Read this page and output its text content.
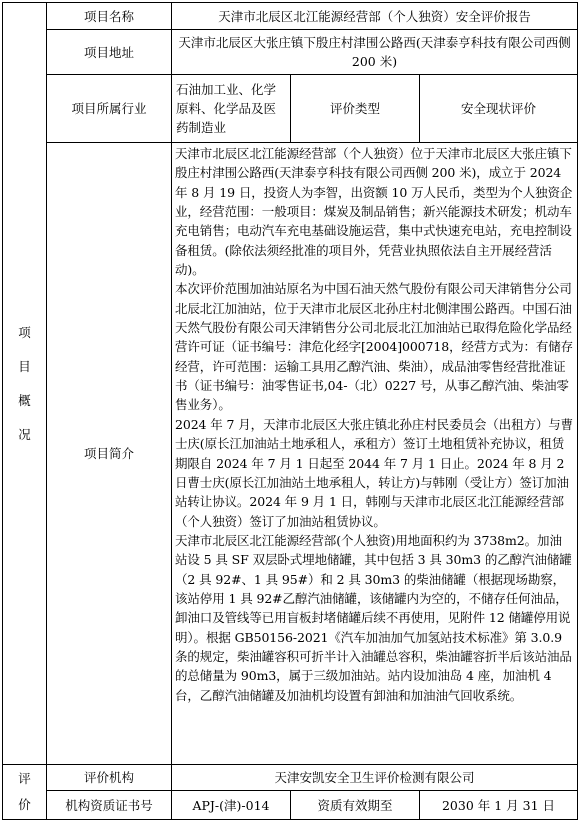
项
目
概
况	项目名称	天津市北辰区北江能源经营部（个人独资）安全评价报告		
	项目地址	天津市北辰区大张庄镇下殷庄村津围公路西(天津泰亨科技有限公司西侧 200 米)		
	项目所属行业	石油加工业、化学原料、化学品及医药制造业	评价类型	安全现状评价
	项目简介	天津市北辰区北江能源经营部（个人独资）位于天津市北辰区大张庄镇下殷庄村津围公路西(天津泰亨科技有限公司西侧 200 米)，成立于 2024 年 8 月 19 日，投资人为李智，出资额 10 万人民币，类型为个人独资企业，经营范围：一般项目：煤炭及制品销售；新兴能源技术研发；机动车充电销售；电动汽车充电基础设施运营，集中式快速充电站，充电控制设备租赁。(除依法须经批准的项目外，凭营业执照依法自主开展经营活动)。

本次评价范围加油站原名为中国石油天然气股份有限公司天津销售分公司北辰北江加油站，位于天津市北辰区北孙庄村北侧津围公路西。中国石油天然气股份有限公司天津销售分公司北辰北江加油站已取得危险化学品经营许可证（证书编号：津危化经字[2004]000718，经营方式为：有储存经营，许可范围：运输工具用乙醇汽油、柴油），成品油零售经营批准证书（证书编号：油零售证书,04-（北）0227 号，从事乙醇汽油、柴油零售业务）。

2024 年 7 月，天津市北辰区大张庄镇北孙庄村民委员会（出租方）与曹士庆(原长江加油站土地承租人，承租方）签订土地租赁补充协议，租赁期限自 2024 年 7 月 1 日起至 2044 年 7 月 1 日止。2024 年 8 月 2 日曹士庆(原长江加油站土地承租人，转让方)与韩刚（受让方）签订加油站转让协议。2024 年 9 月 1 日，韩刚与天津市北辰区北江能源经营部（个人独资）签订了加油站租赁协议。

天津市北辰区北江能源经营部(个人独资)用地面积约为 3738m2。加油站设 5 具 SF 双层卧式埋地储罐，其中包括 3 具 30m3 的乙醇汽油储罐（2 具 92#、1 具 95#）和 2 具 30m3 的柴油储罐（根据现场勘察，该站停用 1 具 92#乙醇汽油储罐，该储罐内为空的，不储存任何油品，卸油口及管线等已用盲板封堵储罐后续不再使用，见附件 12 储罐停用说明）。根据 GB50156-2021《汽车加油加气加氢站技术标准》第 3.0.9 条的规定，柴油罐容积可折半计入油罐总容积，柴油罐容折半后该站油品的总储量为 90m3，属于三级加油站。站内设加油岛 4 座，加油机 4 台，乙醇汽油储罐及加油机均设置有卸油和加油油气回收系统。		

评
价	评价机构	天津安凯安全卫生评价检测有限公司		
	机构资质证书号	APJ-(津)-014	资质有效期至	2030 年 1 月 31 日
